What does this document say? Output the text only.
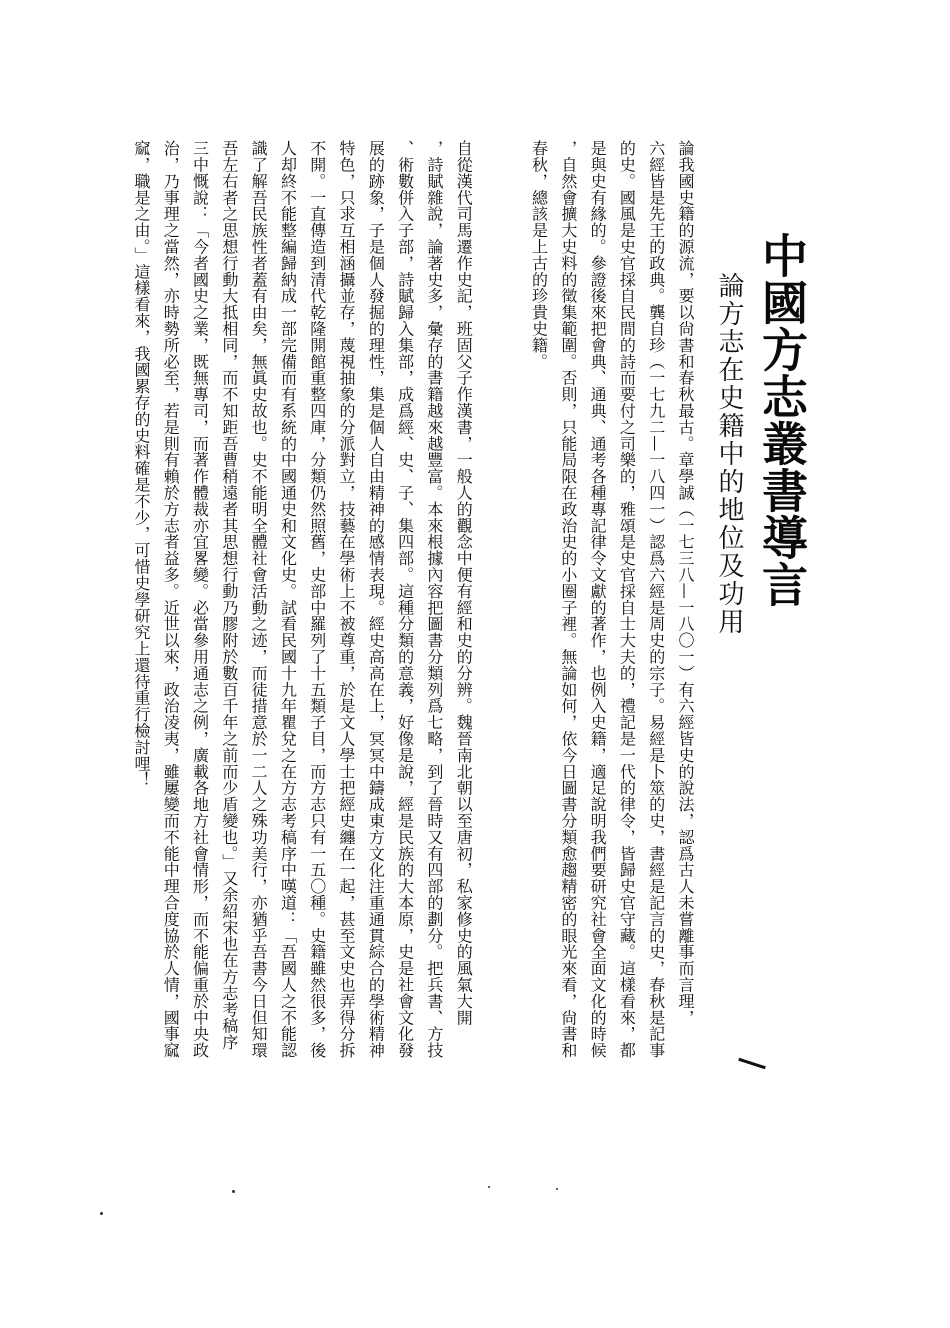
中國方志叢書導言
論方志在史籍中的地位及功用
論我國史籍的源流，要以尙書和春秋最古。章學誠（一七三八—一八〇一）有六經皆史的說法，認爲古人未嘗離事而言理，
六經皆是先王的政典。龔自珍（一七九二—一八四一）認爲六經是周史的宗子。易經是卜筮的史，書經是記言的史，春秋是記事
的史。國風是史官採自民間的詩而要付之司樂的，雅頌是史官採自士大夫的，禮記是一代的律令，皆歸史官守藏。這樣看來，都
是與史有緣的。參證後來把會典、通典、通考各種專記律令文獻的著作，也例入史籍，適足說明我們要研究社會全面文化的時候
，自然會擴大史料的徵集範圍。否則，只能局限在政治史的小圈子裡。無論如何，依今日圖書分類愈趨精密的眼光來看，尙書和
春秋，總該是上古的珍貴史籍。
自從漢代司馬遷作史記，班固父子作漢書，一般人的觀念中便有經和史的分辨。魏晉南北朝以至唐初，私家修史的風氣大開
，詩賦雜說，論著史多，彙存的書籍越來越豐富。本來根據內容把圖書分類列爲七略，到了晉時又有四部的劃分。把兵書、方技
、術數併入子部，詩賦歸入集部，成爲經、史、子、集四部。這種分類的意義，好像是說，經是民族的大本原，史是社會文化發
展的跡象，子是個人發掘的理性，集是個人自由精神的感情表現。經史高高在上，冥冥中鑄成東方文化注重通貫綜合的學術精神
特色，只求互相涵攝並存，蔑視抽象的分派對立，技藝在學術上不被尊重，於是文人學士把經史纏在一起，甚至文史也弄得分拆
不開。一直傳造到清代乾隆開館重整四庫，分類仍然照舊，史部中羅列了十五類子目，而方志只有一五〇種。史籍雖然很多，後
人却終不能整編歸納成一部完備而有系統的中國通史和文化史。試看民國十九年瞿兌之在方志考稿序中嘆道：「吾國人之不能認
識了解吾民族性者蓋有由矣，無眞史故也。史不能明全體社會活動之迹，而徒措意於一二人之殊功美行，亦猶乎吾書今日但知環
吾左右者之思想行動大抵相同，而不知距吾曹稍遠者其思想行動乃膠附於數百千年之前而少盾變也。」又余紹宋也在方志考稿序
三中慨說：「今者國史之業，既無專司，而著作體裁亦宜畧變。必當參用通志之例，廣載各地方社會情形，而不能偏重於中央政
治，乃事理之當然，亦時勢所必至，若是則有賴於方志者益多。近世以來，政治凌夷，雖屢變而不能中理合度協於人情，國事窳
窳，職是之由。」這樣看來，我國累存的史料確是不少，可惜史學研究上還待重行檢討哩！
